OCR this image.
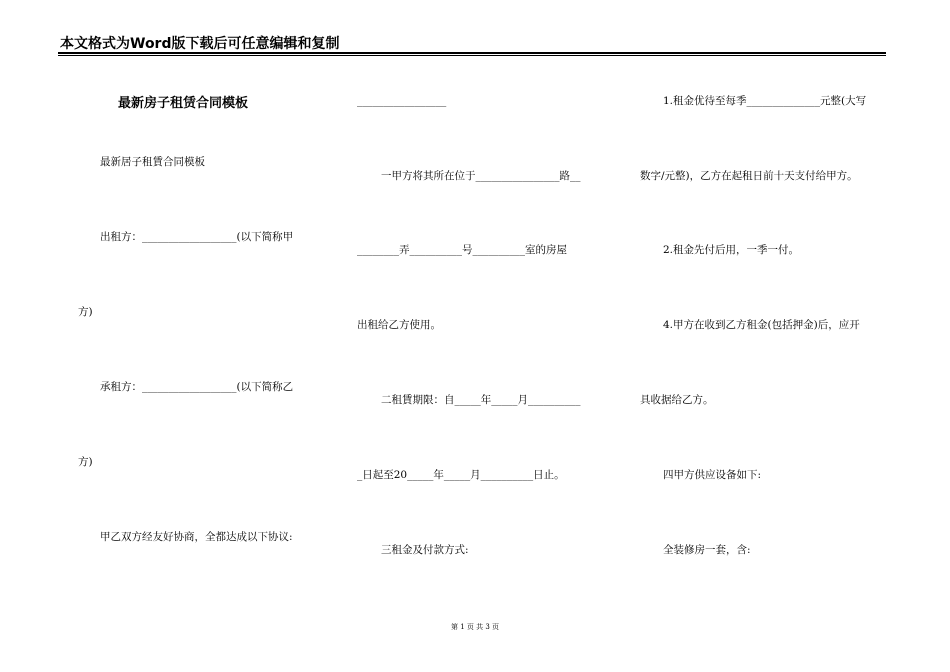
本文格式为Word版下载后可任意编辑和复制
最新房子租赁合同模板
最新居子租賃合同模板
出租方：__________________(以下简称甲
方)
承租方：__________________(以下简称乙
方)
甲乙双方经友好协商，全都达成以下协议:
_________________
一甲方将其所在位于________________路__
________弄__________号__________室的房屋
出租给乙方使用。
二租賃期限：自_____年_____月__________
_日起至20_____年_____月__________日止。
三租金及付款方式:
1.租金优待至每季______________元整(大写
数字/元整)，乙方在起租日前十天支付给甲方。
2.租金先付后用，一季一付。
4.甲方在收到乙方租金(包括押金)后，应开
具收据给乙方。
四甲方供应设备如下:
全装修房一套，含:
第 1 页 共 3 页
